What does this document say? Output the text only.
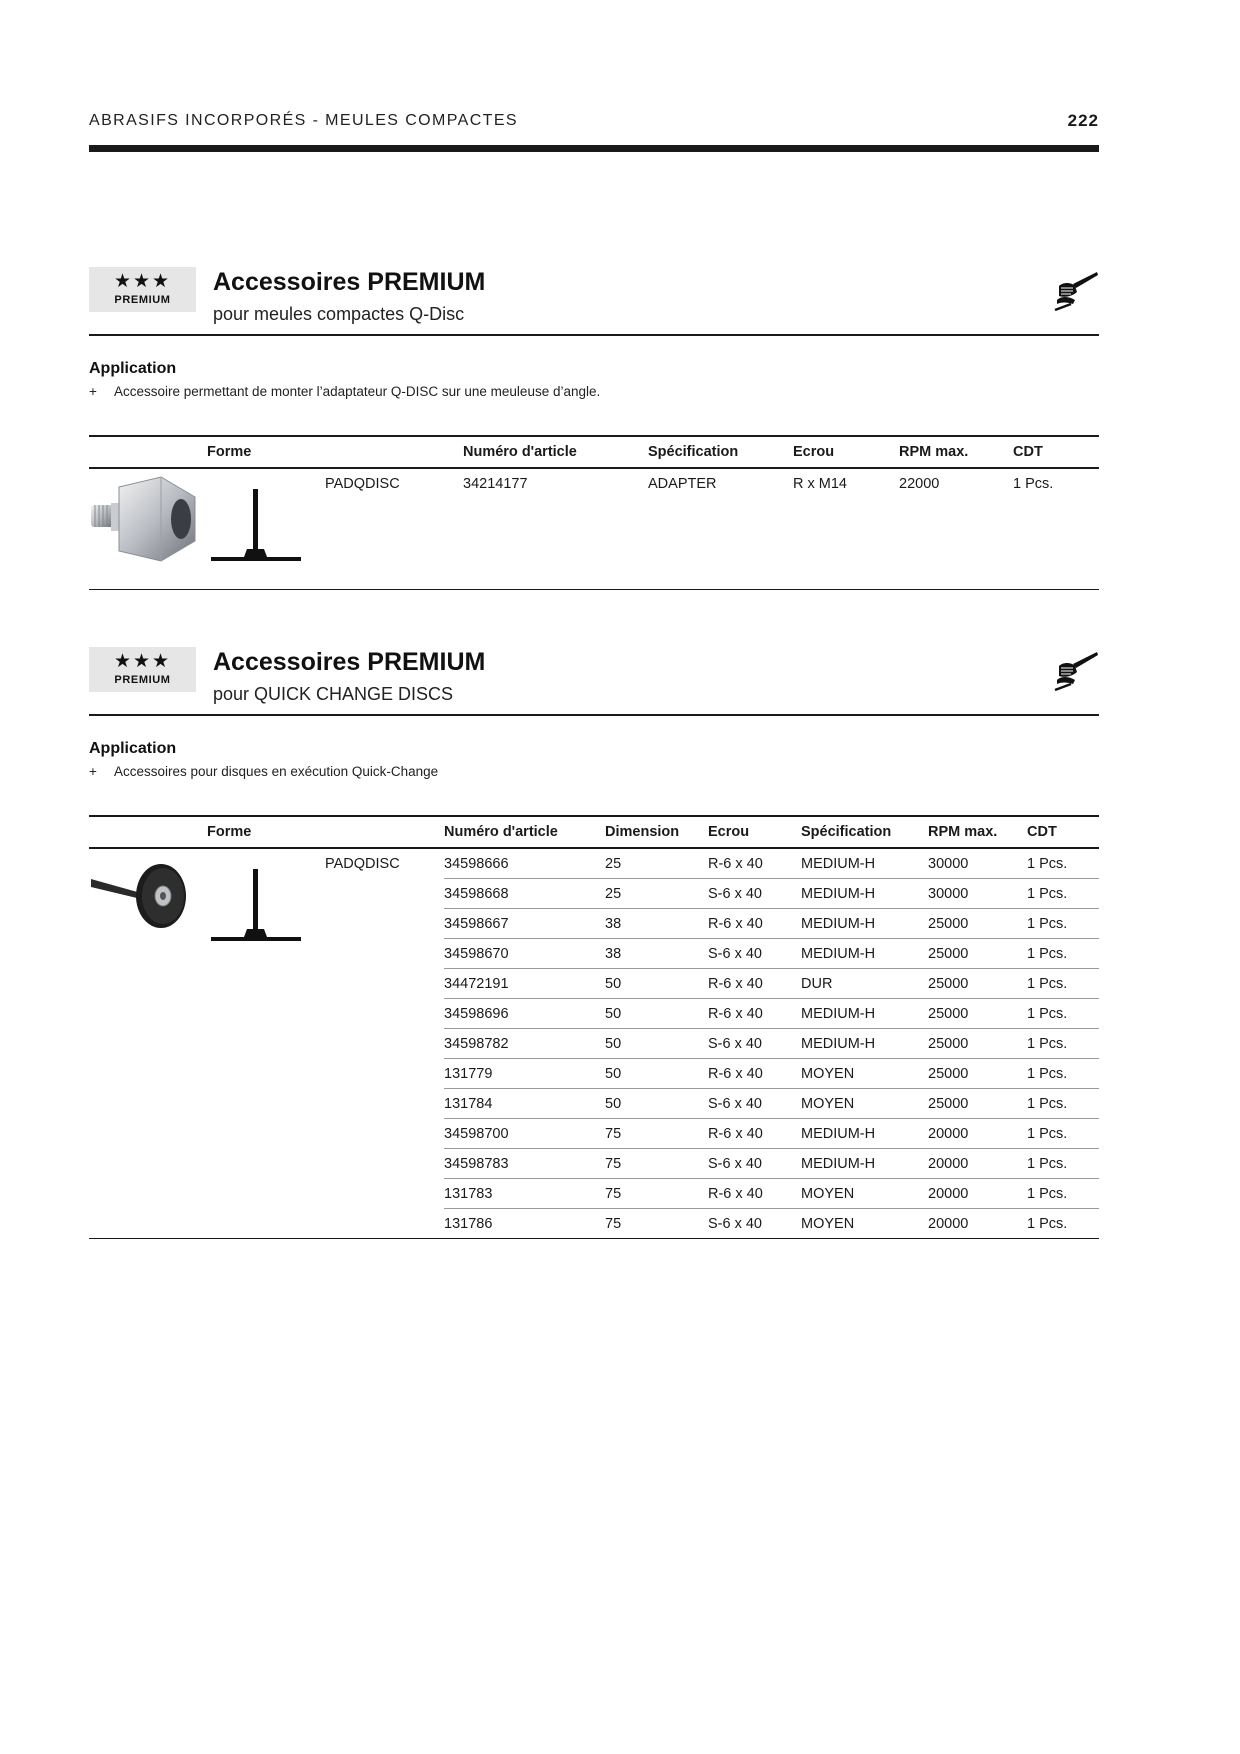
ABRASIFS INCORPORÉS - MEULES COMPACTES	222
★★★
PREMIUM
Accessoires PREMIUM
pour meules compactes Q-Disc
Application
+ Accessoire permettant de monter l’adaptateur Q-DISC sur une meuleuse d’angle.
	Forme		Numéro d'article	Spécification	Ecrou	RPM max.	CDT
		PADQDISC	34214177	ADAPTER	R x M14	22000	1 Pcs.
★★★
PREMIUM
Accessoires PREMIUM
pour QUICK CHANGE DISCS
Application
+ Accessoires pour disques en exécution Quick-Change
	Forme		Numéro d'article	Dimension	Ecrou	Spécification	RPM max.	CDT
		PADQDISC	34598666	25	R-6 x 40	MEDIUM-H	30000	1 Pcs.
			34598668	25	S-6 x 40	MEDIUM-H	30000	1 Pcs.
			34598667	38	R-6 x 40	MEDIUM-H	25000	1 Pcs.
			34598670	38	S-6 x 40	MEDIUM-H	25000	1 Pcs.
			34472191	50	R-6 x 40	DUR	25000	1 Pcs.
			34598696	50	R-6 x 40	MEDIUM-H	25000	1 Pcs.
			34598782	50	S-6 x 40	MEDIUM-H	25000	1 Pcs.
			131779	50	R-6 x 40	MOYEN	25000	1 Pcs.
			131784	50	S-6 x 40	MOYEN	25000	1 Pcs.
			34598700	75	R-6 x 40	MEDIUM-H	20000	1 Pcs.
			34598783	75	S-6 x 40	MEDIUM-H	20000	1 Pcs.
			131783	75	R-6 x 40	MOYEN	20000	1 Pcs.
			131786	75	S-6 x 40	MOYEN	20000	1 Pcs.
